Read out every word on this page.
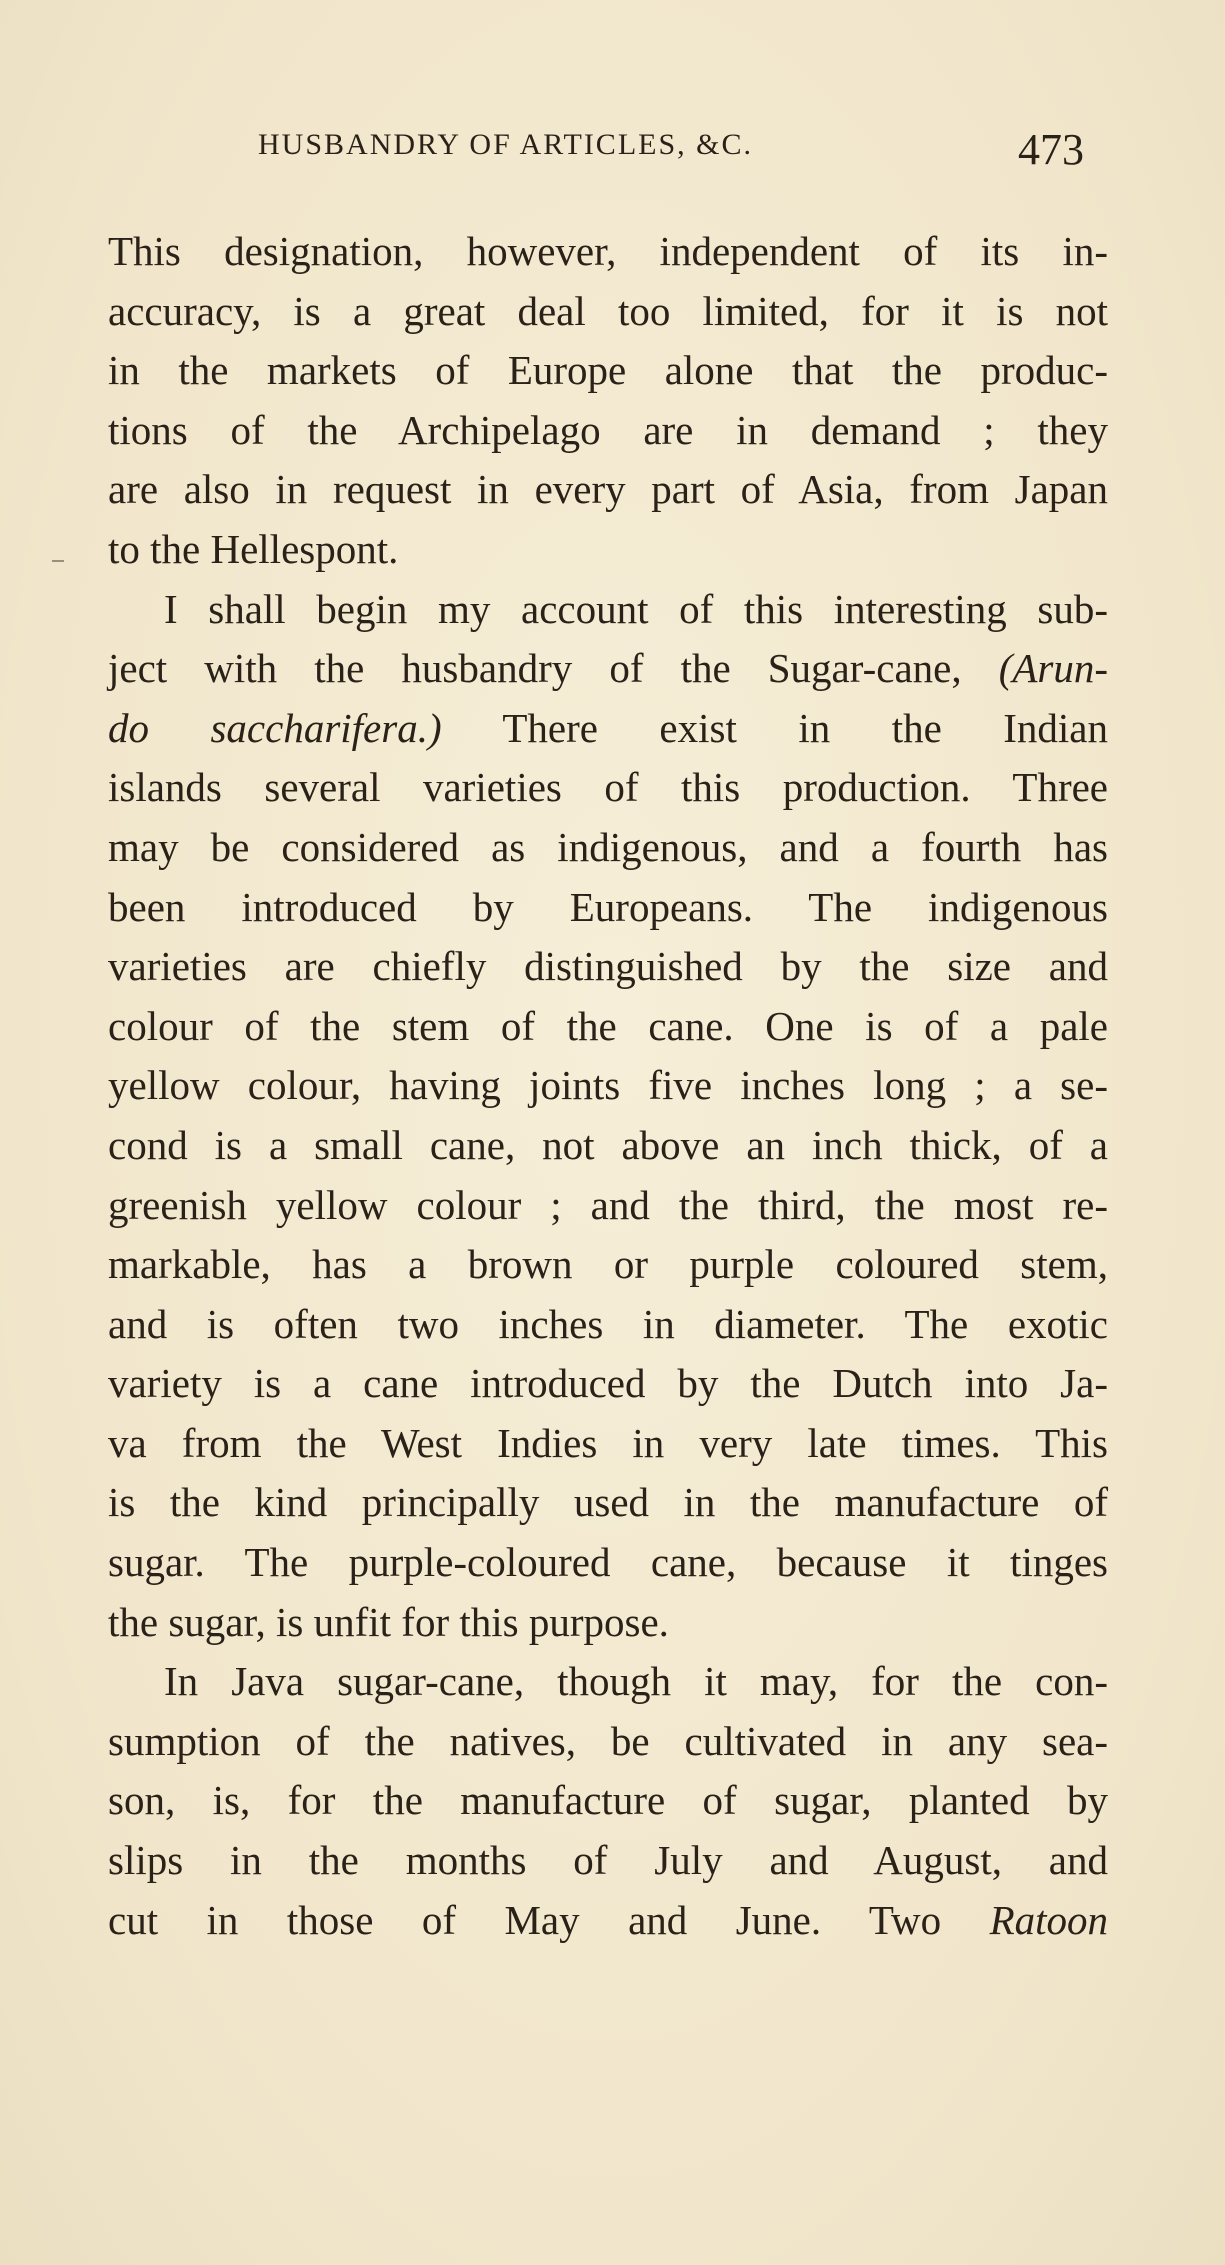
HUSBANDRY OF ARTICLES, &C.	473
This designation, however, independent of its in-
accuracy, is a great deal too limited, for it is not
in the markets of Europe alone that the produc-
tions of the Archipelago are in demand ; they
are also in request in every part of Asia, from Japan
to the Hellespont.
I shall begin my account of this interesting sub-
ject with the husbandry of the Sugar-cane, (Arun-
do saccharifera.) There exist in the Indian
islands several varieties of this production. Three
may be considered as indigenous, and a fourth has
been introduced by Europeans. The indigenous
varieties are chiefly distinguished by the size and
colour of the stem of the cane. One is of a pale
yellow colour, having joints five inches long ; a se-
cond is a small cane, not above an inch thick, of a
greenish yellow colour ; and the third, the most re-
markable, has a brown or purple coloured stem,
and is often two inches in diameter. The exotic
variety is a cane introduced by the Dutch into Ja-
va from the West Indies in very late times. This
is the kind principally used in the manufacture of
sugar. The purple-coloured cane, because it tinges
the sugar, is unfit for this purpose.
In Java sugar-cane, though it may, for the con-
sumption of the natives, be cultivated in any sea-
son, is, for the manufacture of sugar, planted by
slips in the months of July and August, and
cut in those of May and June. Two Ratoon
